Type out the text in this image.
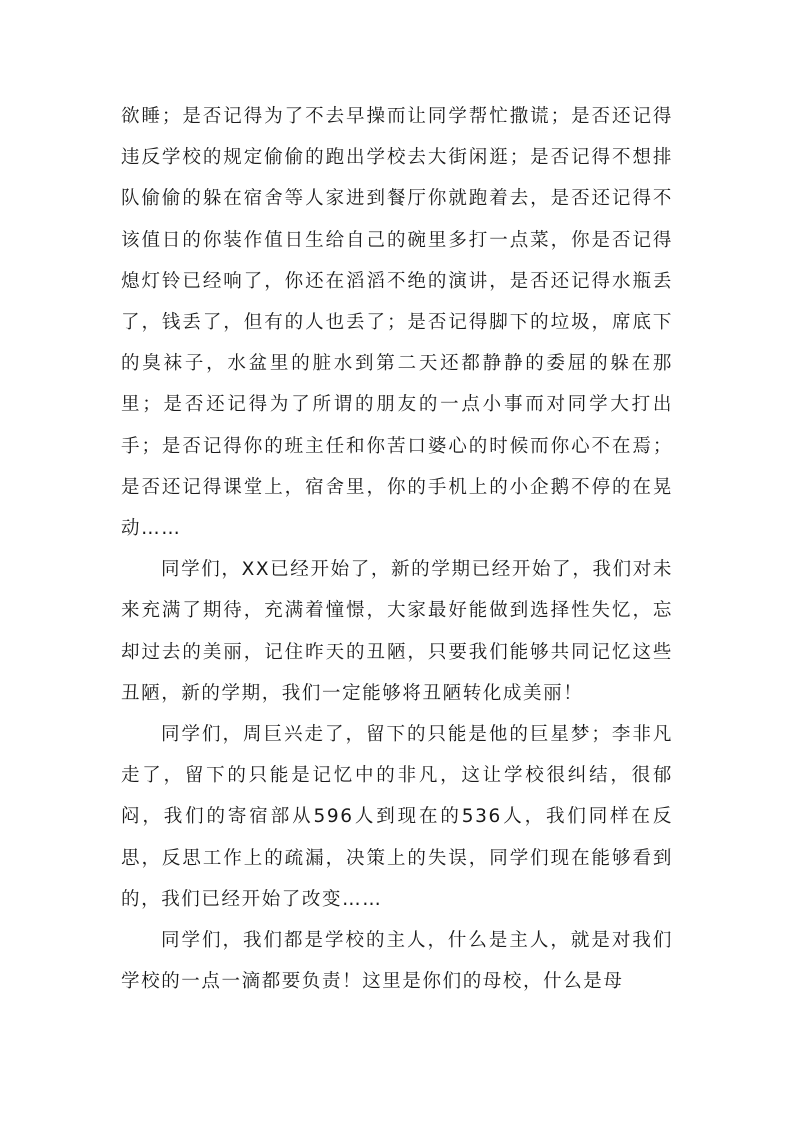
欲睡；是否记得为了不去早操而让同学帮忙撒谎；是否还记得违反学校的规定偷偷的跑出学校去大街闲逛；是否记得不想排队偷偷的躲在宿舍等人家进到餐厅你就跑着去，是否还记得不该值日的你装作值日生给自己的碗里多打一点菜，你是否记得熄灯铃已经响了，你还在滔滔不绝的演讲，是否还记得水瓶丢了，钱丢了，但有的人也丢了；是否记得脚下的垃圾，席底下的臭袜子，水盆里的脏水到第二天还都静静的委屈的躲在那里；是否还记得为了所谓的朋友的一点小事而对同学大打出手；是否记得你的班主任和你苦口婆心的时候而你心不在焉；是否还记得课堂上，宿舍里，你的手机上的小企鹅不停的在晃动……

同学们，XX已经开始了，新的学期已经开始了，我们对未来充满了期待，充满着憧憬，大家最好能做到选择性失忆，忘却过去的美丽，记住昨天的丑陋，只要我们能够共同记忆这些丑陋，新的学期，我们一定能够将丑陋转化成美丽！

同学们，周巨兴走了，留下的只能是他的巨星梦；李非凡走了，留下的只能是记忆中的非凡，这让学校很纠结，很郁闷，我们的寄宿部从596人到现在的536人，我们同样在反思，反思工作上的疏漏，决策上的失误，同学们现在能够看到的，我们已经开始了改变……

同学们，我们都是学校的主人，什么是主人，就是对我们学校的一点一滴都要负责！这里是你们的母校，什么是母
